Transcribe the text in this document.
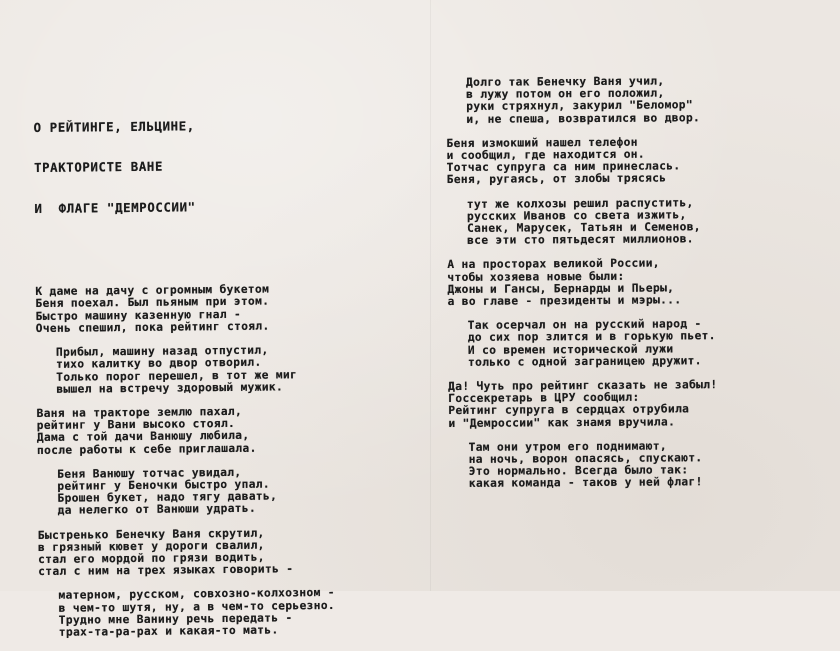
О РЕЙТИНГЕ, ЕЛЬЦИНЕ,

ТРАКТОРИСТЕ ВАНЕ

И  ФЛАГЕ "ДЕМРОССИИ"

К даме на дачу с огромным букетом
Беня поехал. Был пьяным при этом.
Быстро машину казенную гнал -
Очень спешил, пока рейтинг стоял.
Прибыл, машину назад отпустил,
тихо калитку во двор отворил.
Только порог перешел, в тот же миг
вышел на встречу здоровый мужик.
Ваня на тракторе землю пахал,
рейтинг у Вани высоко стоял.
Дама с той дачи Ванюшу любила,
после работы к себе приглашала.
Беня Ванюшу тотчас увидал,
рейтинг у Беночки быстро упал.
Брошен букет, надо тягу давать,
да нелегко от Ванюши удрать.
Быстренько Бенечку Ваня скрутил,
в грязный кювет у дороги свалил,
стал его мордой по грязи водить,
стал с ним на трех языках говорить -
матерном, русском, совхозно-колхозном -
в чем-то шутя, ну, а в чем-то серьезно.
Трудно мне Ванину речь передать -
трах-та-ра-рах и какая-то мать.
Долго так Бенечку Ваня учил,
в лужу потом он его положил,
руки стряхнул, закурил "Беломор"
и, не спеша, возвратился во двор.
Беня измокший нашел телефон
и сообщил, где находится он.
Тотчас супруга са ним принеслась.
Беня, ругаясь, от злобы трясясь
тут же колхозы решил распустить,
русских Иванов со света изжить,
Санек, Марусек, Татьян и Семенов,
все эти сто пятьдесят миллионов.
А на просторах великой России,
чтобы хозяева новые были:
Джоны и Гансы, Бернарды и Пьеры,
а во главе - президенты и мэры...
Так осерчал он на русский народ -
до сих пор злится и в горькую пьет.
И со времен исторической лужи
только с одной заграницею дружит.
Да! Чуть про рейтинг сказать не забыл!
Госсекретарь в ЦРУ сообщил:
Рейтинг супруга в сердцах отрубила
и "Демроссии" как знамя вручила.
Там они утром его поднимают,
на ночь, ворон опасясь, спускают.
Это нормально. Всегда было так:
какая команда - таков у ней флаг!
